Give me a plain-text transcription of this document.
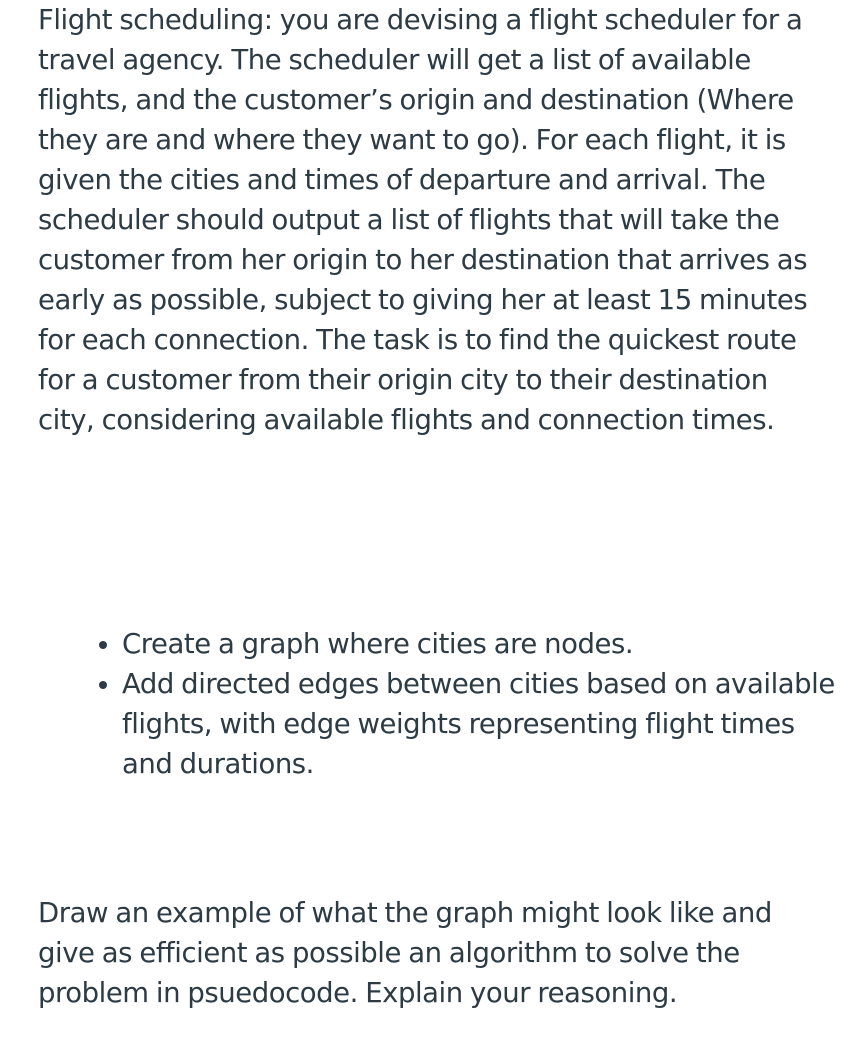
Flight scheduling: you are devising a flight scheduler for a travel agency. The scheduler will get a list of available flights, and the customer’s origin and destination (Where they are and where they want to go). For each flight, it is given the cities and times of departure and arrival. The scheduler should output a list of flights that will take the customer from her origin to her destination that arrives as early as possible, subject to giving her at least 15 minutes for each connection. The task is to find the quickest route for a customer from their origin city to their destination city, considering available flights and connection times.

• Create a graph where cities are nodes.
• Add directed edges between cities based on available flights, with edge weights representing flight times and durations.

Draw an example of what the graph might look like and give as efficient as possible an algorithm to solve the problem in psuedocode. Explain your reasoning.
